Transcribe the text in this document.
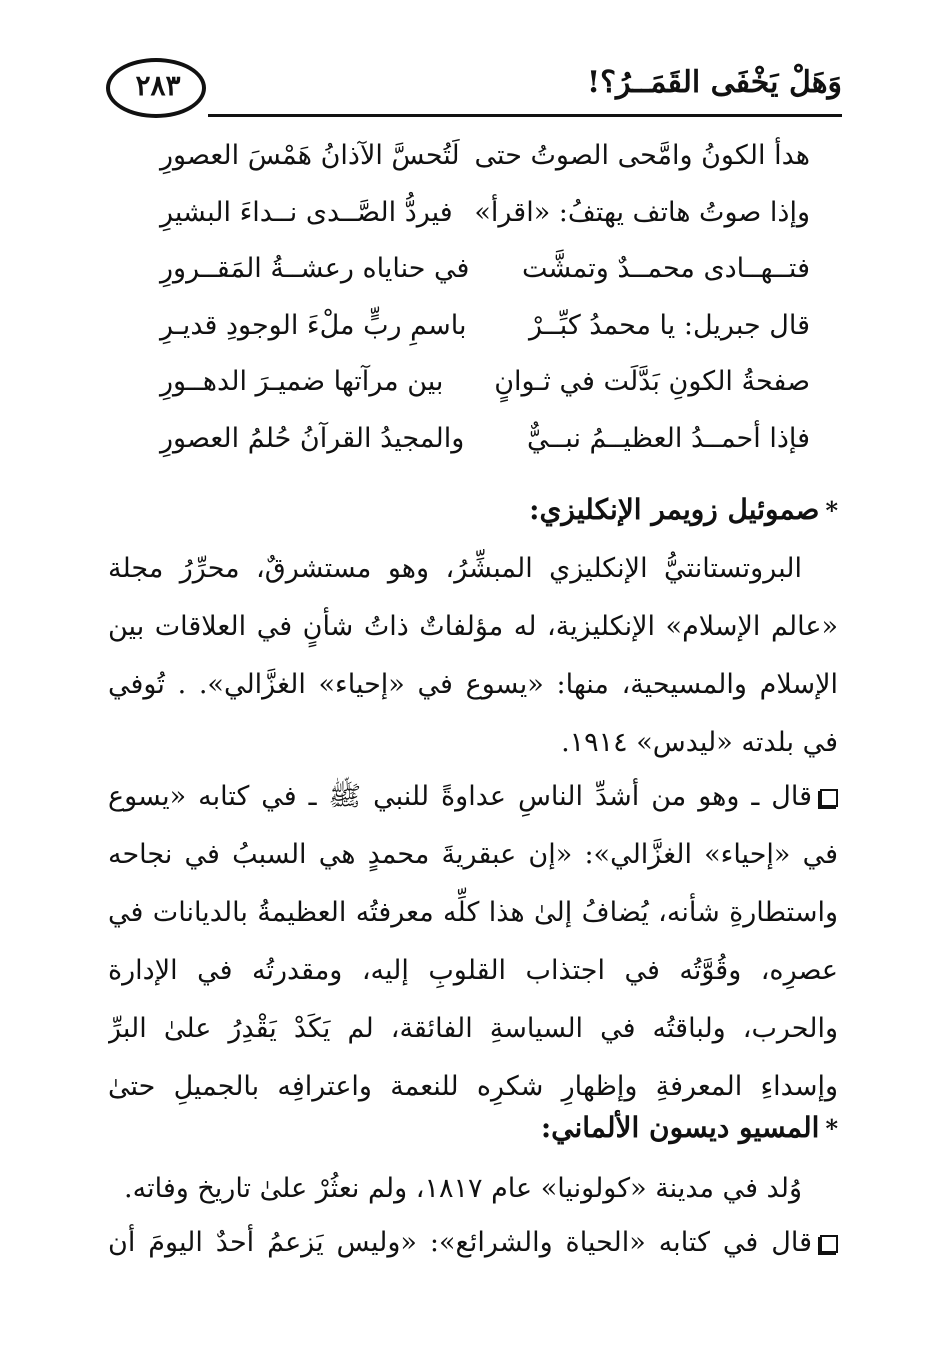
وَهَلْ يَخْفَى القَمَــرُ؟!
٢٨٣
هدأ الكونُ وامَّحى الصوتُ حتى
لَتُحسَّ الآذانُ هَمْسَ العصورِ
وإذا صوتُ هاتف يهتفُ: «اقرأ»
فيردُّ الصَّــدى نــداءَ البشيرِ
فتــهــادى محمــدٌ وتمشَّت
في حناياه رعشــةُ المَقــرورِ
قال جبريل: يا محمدُ كبِّــرْ
باسمِ ربٍّ ملْءَ الوجودِ قديـرِ
صفحةُ الكونِ بَدَّلَت في ثـوانٍ
بين مرآتها ضميـرَ الدهــورِ
فإذا أحمــدُ العظيــمُ نبــيٌّ
والمجيدُ القرآنُ حُلمُ العصورِ
*صموئيل زويمر الإنكليزي:
البروتستانتيُّ الإنكليزي المبشِّرُ، وهو مستشرقٌ، محرِّرُ مجلة «عالم الإسلام» الإنكليزية، له مؤلفاتٌ ذاتُ شأنٍ في العلاقات بين الإسلام والمسيحية، منها: «يسوع في «إحياء» الغزَّالي». . تُوفي في بلدته «ليدس» ١٩١٤.
قال ـ وهو من أشدِّ الناسِ عداوةً للنبي ﷺ ـ في كتابه «يسوع في «إحياء» الغزَّالي»: «إن عبقريةَ محمدٍ هي السببُ في نجاحه واستطارةِ شأنه، يُضافُ إلىٰ هذا كلِّه معرفتُه العظيمةُ بالديانات في عصرِه، وقُوَّتُه في اجتذاب القلوبِ إليه، ومقدرتُه في الإدارة والحرب، ولباقتُه في السياسةِ الفائقة، لم يَكَدْ يَقْدِرُ علىٰ البرِّ وإسداءِ المعرفةِ وإظهارِ شكرِه للنعمة واعترافِه بالجميلِ حتىٰ
*المسيو ديسون الألماني:
وُلد في مدينة «كولونيا» عام ١٨١٧، ولم نعثُرْ علىٰ تاريخ وفاته.
قال في كتابه «الحياة والشرائع»: «وليس يَزعمُ أحدٌ اليومَ أن
